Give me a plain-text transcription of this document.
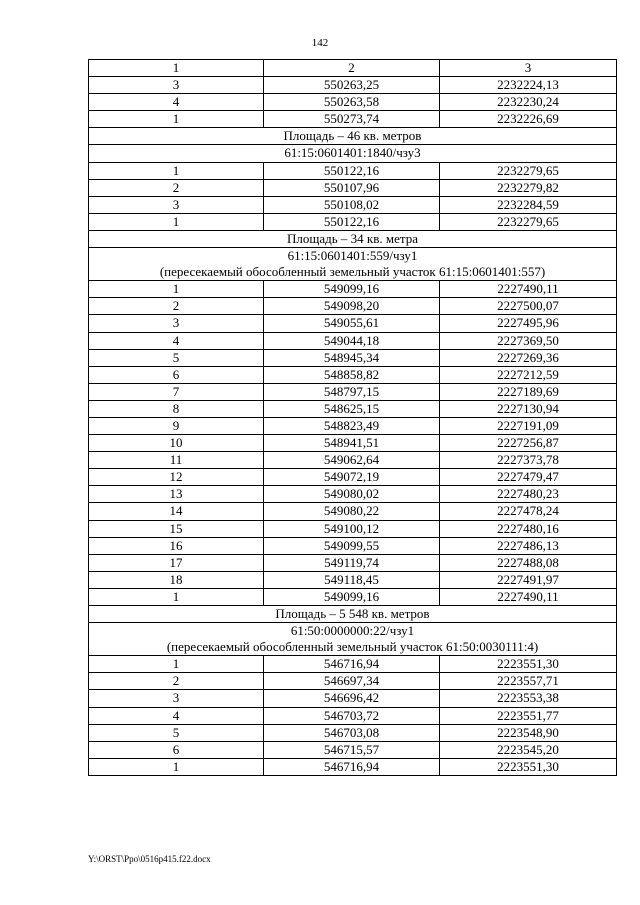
142
1	2	3
3	550263,25	2232224,13
4	550263,58	2232230,24
1	550273,74	2232226,69

Площадь – 46 кв. метров		

61:15:0601401:1840/чзу3		

1	550122,16	2232279,65
2	550107,96	2232279,82
3	550108,02	2232284,59
1	550122,16	2232279,65

Площадь – 34 кв. метра		

61:15:0601401:559/чзу1
(пересекаемый обособленный земельный участок 61:15:0601401:557)		

1	549099,16	2227490,11
2	549098,20	2227500,07
3	549055,61	2227495,96
4	549044,18	2227369,50
5	548945,34	2227269,36
6	548858,82	2227212,59
7	548797,15	2227189,69
8	548625,15	2227130,94
9	548823,49	2227191,09
10	548941,51	2227256,87
11	549062,64	2227373,78
12	549072,19	2227479,47
13	549080,02	2227480,23
14	549080,22	2227478,24
15	549100,12	2227480,16
16	549099,55	2227486,13
17	549119,74	2227488,08
18	549118,45	2227491,97
1	549099,16	2227490,11

Площадь – 5 548 кв. метров		

61:50:0000000:22/чзу1
(пересекаемый обособленный земельный участок 61:50:0030111:4)		

1	546716,94	2223551,30
2	546697,34	2223557,71
3	546696,42	2223553,38
4	546703,72	2223551,77
5	546703,08	2223548,90
6	546715,57	2223545,20
1	546716,94	2223551,30
Y:\ORST\Ppo\0516p415.f22.docx
